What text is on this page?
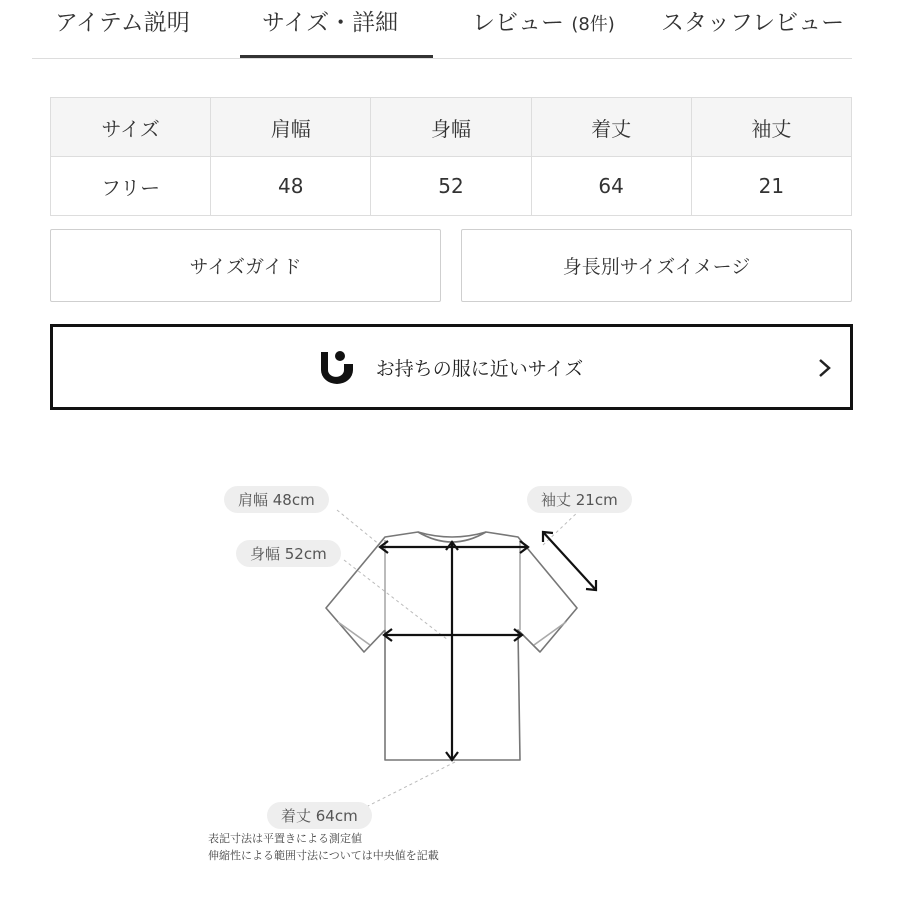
アイテム説明	サイズ・詳細	レビュー (8件) スタッフレビュー
サイズ	肩幅	身幅	着丈	袖丈
フリー	48	52	64	21
サイズガイド	身長別サイズイメージ
お持ちの服に近いサイズ
肩幅 48cm
身幅 52cm
袖丈 21cm
着丈 64cm
表記寸法は平置きによる測定値
伸縮性による範囲寸法については中央値を記載
